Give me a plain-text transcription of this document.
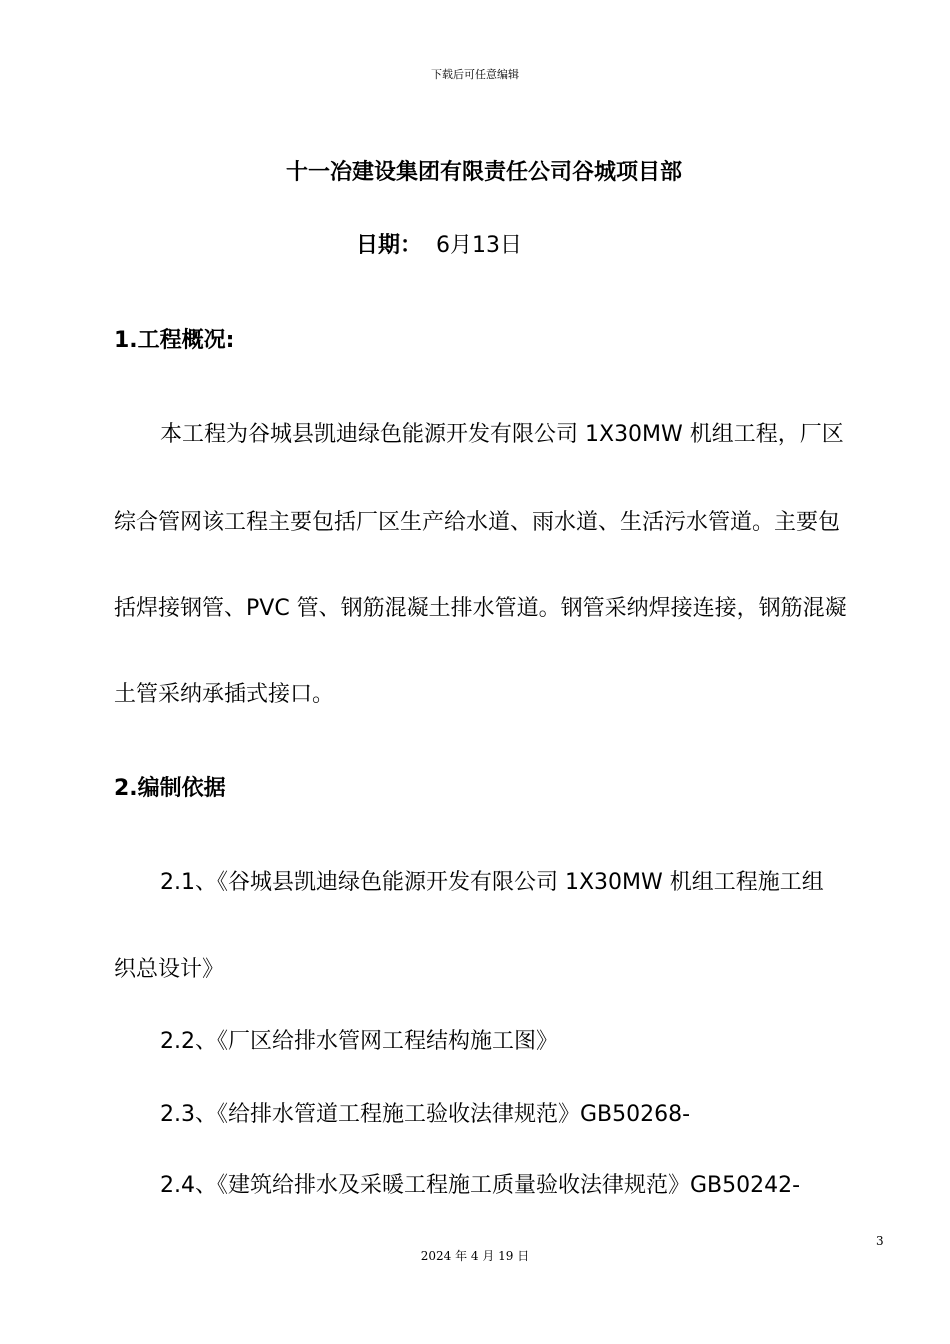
下载后可任意编辑
十一冶建设集团有限责任公司谷城项目部
日期： 6月13日
1.工程概况:
本工程为谷城县凯迪绿色能源开发有限公司 1X30MW 机组工程，厂区
综合管网该工程主要包括厂区生产给水道、雨水道、生活污水管道。主要包
括焊接钢管、PVC 管、钢筋混凝土排水管道。钢管采纳焊接连接，钢筋混凝
土管采纳承插式接口。
2.编制依据
2.1、《谷城县凯迪绿色能源开发有限公司 1X30MW 机组工程施工组
织总设计》
2.2、《厂区给排水管网工程结构施工图》
2.3、《给排水管道工程施工验收法律规范》GB50268-
2.4、《建筑给排水及采暖工程施工质量验收法律规范》GB50242-
3
2024 年 4 月 19 日
